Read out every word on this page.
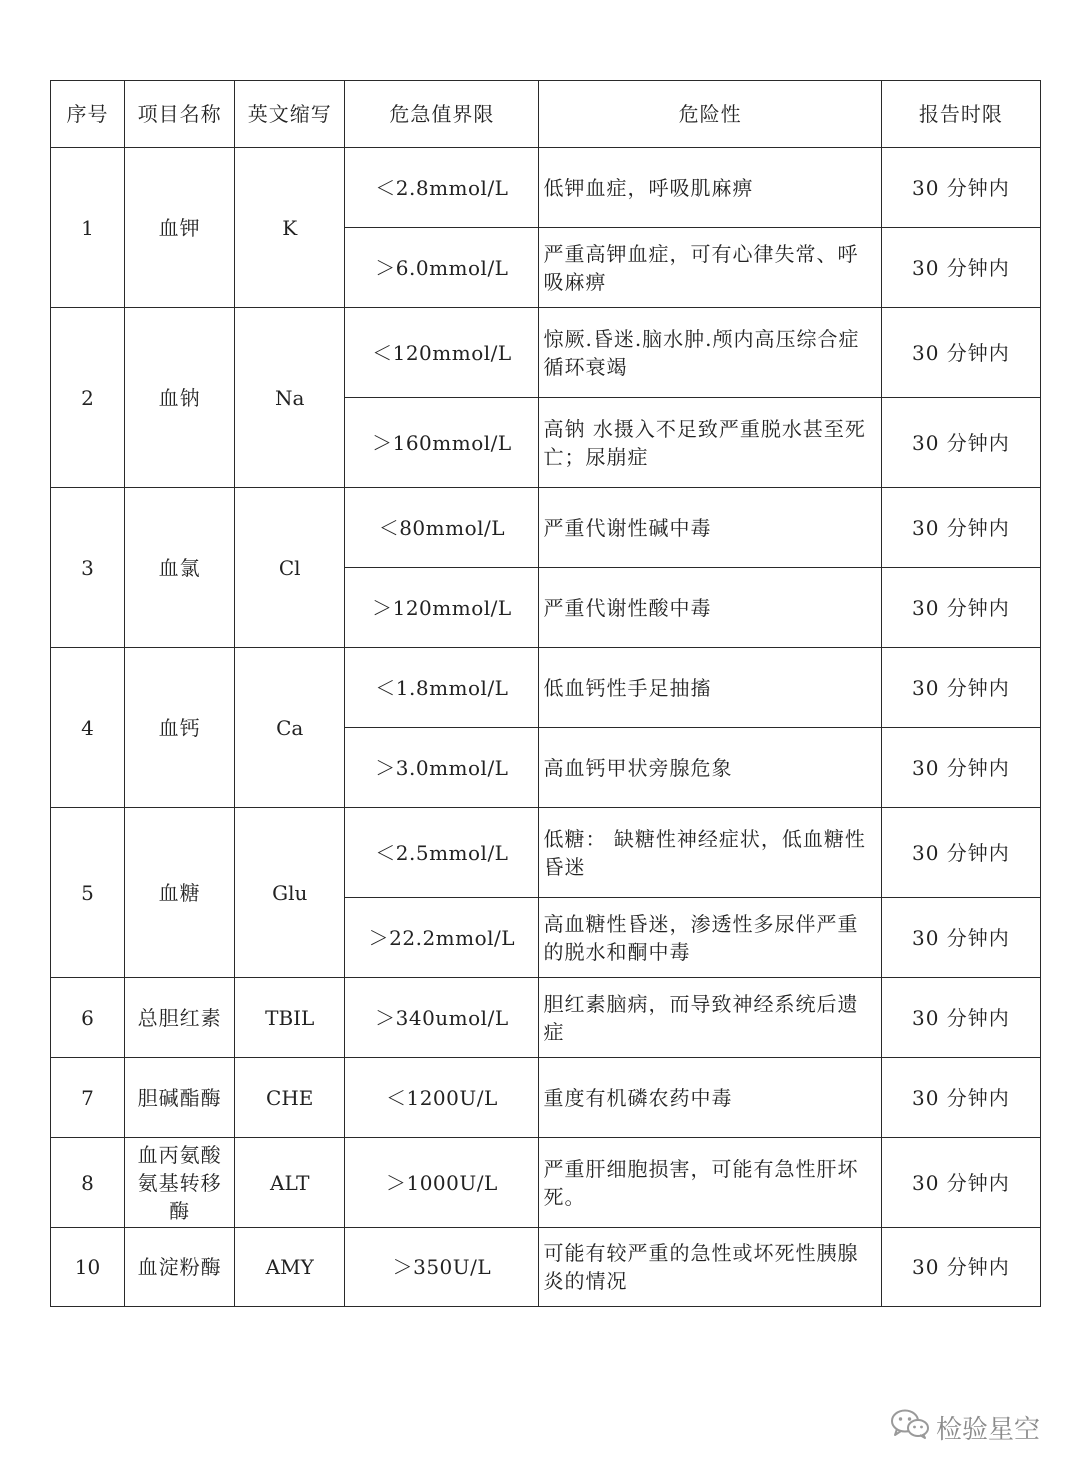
序号	项目名称	英文缩写	危急值界限	危险性	报告时限
1	血钾	K	＜2.8mmol/L	低钾血症，呼吸肌麻痹	30 分钟内
			＞6.0mmol/L	严重高钾血症，可有心律失常、呼吸麻痹	30 分钟内
2	血钠	Na	＜120mmol/L	惊厥.昏迷.脑水肿.颅内高压综合症循环衰竭	30 分钟内
			＞160mmol/L	高钠 水摄入不足致严重脱水甚至死亡；尿崩症	30 分钟内
3	血氯	Cl	＜80mmol/L	严重代谢性碱中毒	30 分钟内
			＞120mmol/L	严重代谢性酸中毒	30 分钟内
4	血钙	Ca	＜1.8mmol/L	低血钙性手足抽搐	30 分钟内
			＞3.0mmol/L	高血钙甲状旁腺危象	30 分钟内
5	血糖	Glu	＜2.5mmol/L	低糖： 缺糖性神经症状，低血糖性昏迷	30 分钟内
			＞22.2mmol/L	高血糖性昏迷，渗透性多尿伴严重的脱水和酮中毒	30 分钟内
6	总胆红素	TBIL	＞340umol/L	胆红素脑病，而导致神经系统后遗症	30 分钟内
7	胆碱酯酶	CHE	＜1200U/L	重度有机磷农药中毒	30 分钟内
8	血丙氨酸氨基转移酶	ALT	＞1000U/L	严重肝细胞损害，可能有急性肝坏死。	30 分钟内
10	血淀粉酶	AMY	＞350U/L	可能有较严重的急性或坏死性胰腺炎的情况	30 分钟内
检验星空
